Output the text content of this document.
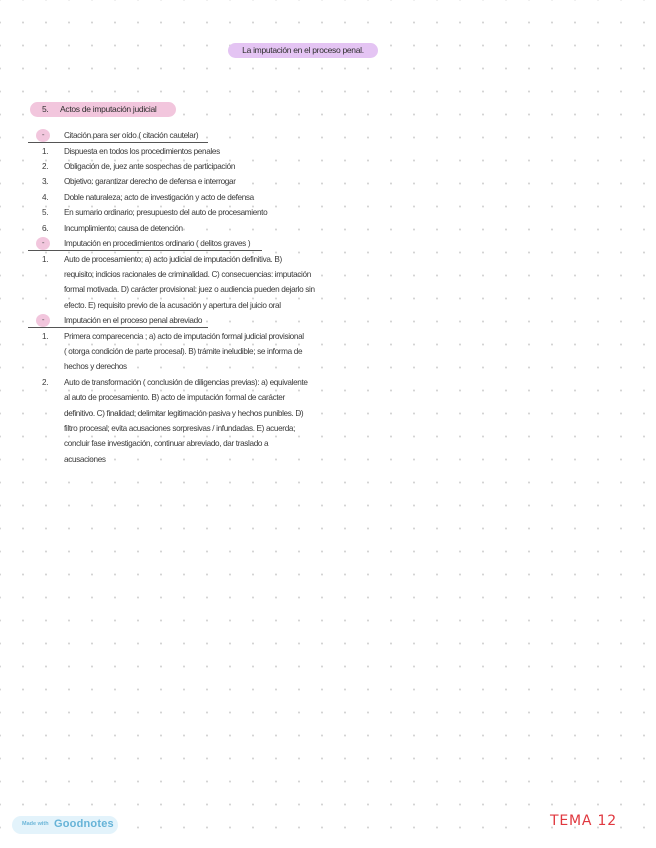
La imputación en el proceso penal.
5. Actos de imputación judicial
-	Citación para ser oído ( citación cautelar)
1.	Dispuesta en todos los procedimientos penales
2.	Obligación de, juez ante sospechas de participación
3.	Objetivo: garantizar derecho de defensa e interrogar
4.	Doble naturaleza; acto de investigación y acto de defensa
5.	En sumario ordinario; presupuesto del auto de procesamiento
6.	Incumplimiento; causa de detención
-	Imputación en procedimientos ordinario ( delitos graves )
1.	Auto de procesamiento; a) acto judicial de imputación definitiva. B)
requisito; indicios racionales de criminalidad. C) consecuencias: imputación
formal motivada. D) carácter provisional: juez o audiencia pueden dejarlo sin
efecto. E) requisito previo de la acusación y apertura del juicio oral
-	Imputación en el proceso penal abreviado
1.	Primera comparecencia ; a) acto de imputación formal judicial provisional
( otorga condición de parte procesal). B) trámite ineludible; se informa de
hechos y derechos
2.	Auto de transformación ( conclusión de diligencias previas): a) equivalente
al auto de procesamiento. B) acto de imputación formal de carácter
definitivo. C) finalidad; delimitar legitimación pasiva y hechos punibles. D)
filtro procesal; evita acusaciones sorpresivas / infundadas. E) acuerda;
concluir fase investigación, continuar abreviado, dar traslado a
acusaciones
Made with Goodnotes	TEMA 12
